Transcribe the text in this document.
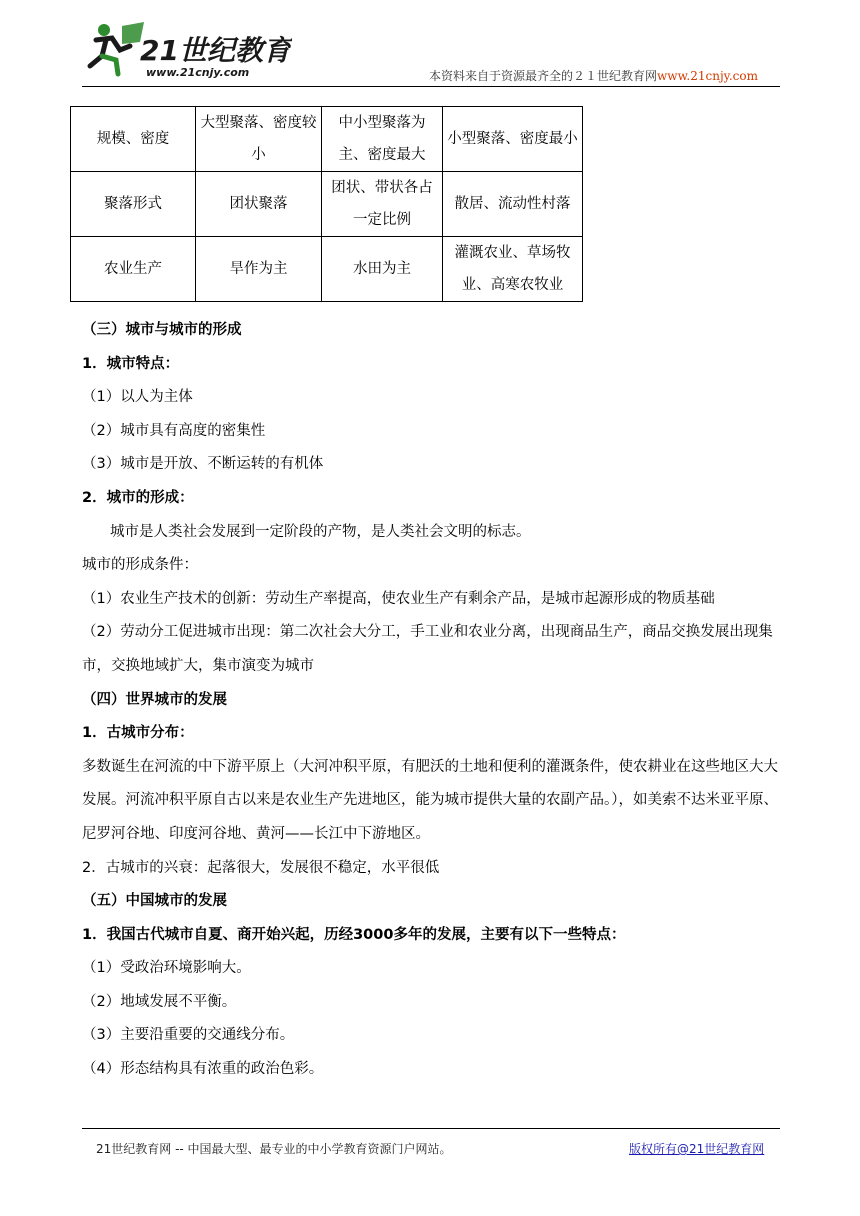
21世纪教育
www.21cnjy.com	本资料来自于资源最齐全的２１世纪教育网www.21cnjy.com
规模、密度	大型聚落、密度较小	中小型聚落为主、密度最大	小型聚落、密度最小
聚落形式	团状聚落	团状、带状各占一定比例	散居、流动性村落
农业生产	旱作为主	水田为主	灌溉农业、草场牧业、高寒农牧业

（三）城市与城市的形成

1．城市特点：

（1）以人为主体

（2）城市具有高度的密集性

（3）城市是开放、不断运转的有机体

2．城市的形成：

城市是人类社会发展到一定阶段的产物，是人类社会文明的标志。

城市的形成条件：

（1）农业生产技术的创新：劳动生产率提高，使农业生产有剩余产品，是城市起源形成的物质基础

（2）劳动分工促进城市出现：第二次社会大分工，手工业和农业分离，出现商品生产，商品交换发展出现集市，交换地域扩大，集市演变为城市

（四）世界城市的发展

1．古城市分布：

多数诞生在河流的中下游平原上（大河冲积平原，有肥沃的土地和便利的灌溉条件，使农耕业在这些地区大大发展。河流冲积平原自古以来是农业生产先进地区，能为城市提供大量的农副产品。），如美索不达米亚平原、尼罗河谷地、印度河谷地、黄河——长江中下游地区。

2．古城市的兴衰：起落很大，发展很不稳定，水平很低

（五）中国城市的发展

1．我国古代城市自夏、商开始兴起，历经3000多年的发展，主要有以下一些特点：

（1）受政治环境影响大。

（2）地域发展不平衡。

（3）主要沿重要的交通线分布。

（4）形态结构具有浓重的政治色彩。

21世纪教育网 -- 中国最大型、最专业的中小学教育资源门户网站。	版权所有@21世纪教育网
